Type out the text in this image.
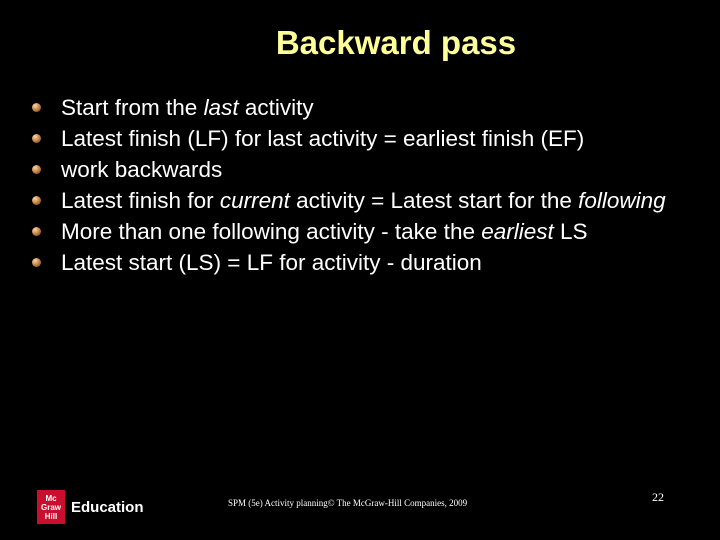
Backward pass
Start from the last activity
Latest finish (LF) for last activity = earliest finish (EF)
work backwards
Latest finish for current activity = Latest start for the following
More than one following activity - take the earliest LS
Latest start (LS) = LF for activity - duration
Mc
Graw
Hill
Education	SPM (5e) Activity planning© The McGraw-Hill Companies, 2009	22
